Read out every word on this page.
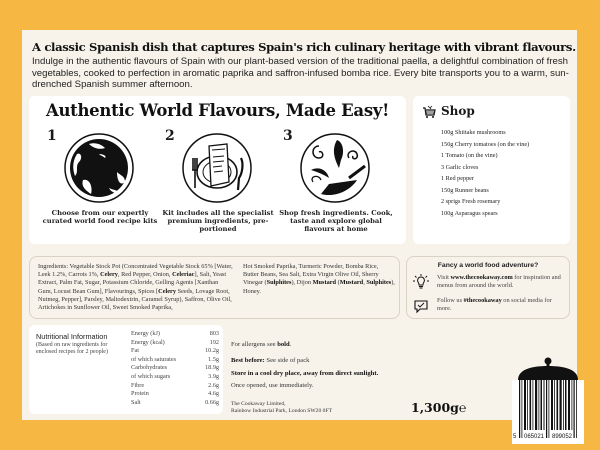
A classic Spanish dish that captures Spain's rich culinary heritage with vibrant flavours.
Indulge in the authentic flavours of Spain with our plant-based version of the traditional paella, a delightful combination of fresh vegetables, cooked to perfection in aromatic paprika and saffron-infused bomba rice. Every bite transports you to a warm, sun-drenched Spanish summer afternoon.
Authentic World Flavours, Made Easy!
1
Choose from our expertly curated world food recipe kits
2
Kit includes all the specialist premium ingredients, pre-portioned
3
Shop fresh ingredients. Cook, taste and explore global flavours at home
Shop
100g Shiitake mushrooms
150g Cherry tomatoes (on the vine)
1 Tomato (on the vine)
3 Garlic cloves
1 Red pepper
150g Runner beans
2 sprigs Fresh rosemary
100g Asparagus spears
Ingredients: Vegetable Stock Pot (Concentrated Vegetable Stock 65% [Water, Leek 1.2%, Carrots 1%, Celery, Red Pepper, Onion, Celeriac], Salt, Yeast Extract, Palm Fat, Sugar, Potassium Chloride, Gelling Agents [Xanthan Gum, Locust Bean Gum], Flavourings, Spices [Celery Seeds, Lovage Root, Nutmeg, Pepper], Parsley, Maltodextrin, Caramel Syrup), Saffron, Olive Oil, Artichokes in Sunflower Oil, Sweet Smoked Paprika,
Hot Smoked Paprika, Turmeric Powder, Bomba Rice, Butter Beans, Sea Salt, Extra Virgin Olive Oil, Sherry Vinegar (Sulphites), Dijon Mustard (Mustard, Sulphites), Honey.
Fancy a world food adventure?
Visit www.thecookaway.com for inspiration and menus from around the world.
Follow us #thecookaway on social media for more.
Nutritional Information
(Based on raw ingredients for enclosed recipes for 2 people)
Energy (kJ)	803
Energy (kcal)	192
Fat	10.2g
of which saturates	1.5g
Carbohydrates	18.9g
of which sugars	3.9g
Fibre	2.6g
Protein	4.6g
Salt	0.66g
For allergens see bold.
Best before: See side of pack
Store in a cool dry place, away from direct sunlight.
Once opened, use immediately.
The Cookaway Limited,
Rainbow Industrial Park, London SW20 0FT	1,300g℮
5 065021 899052
